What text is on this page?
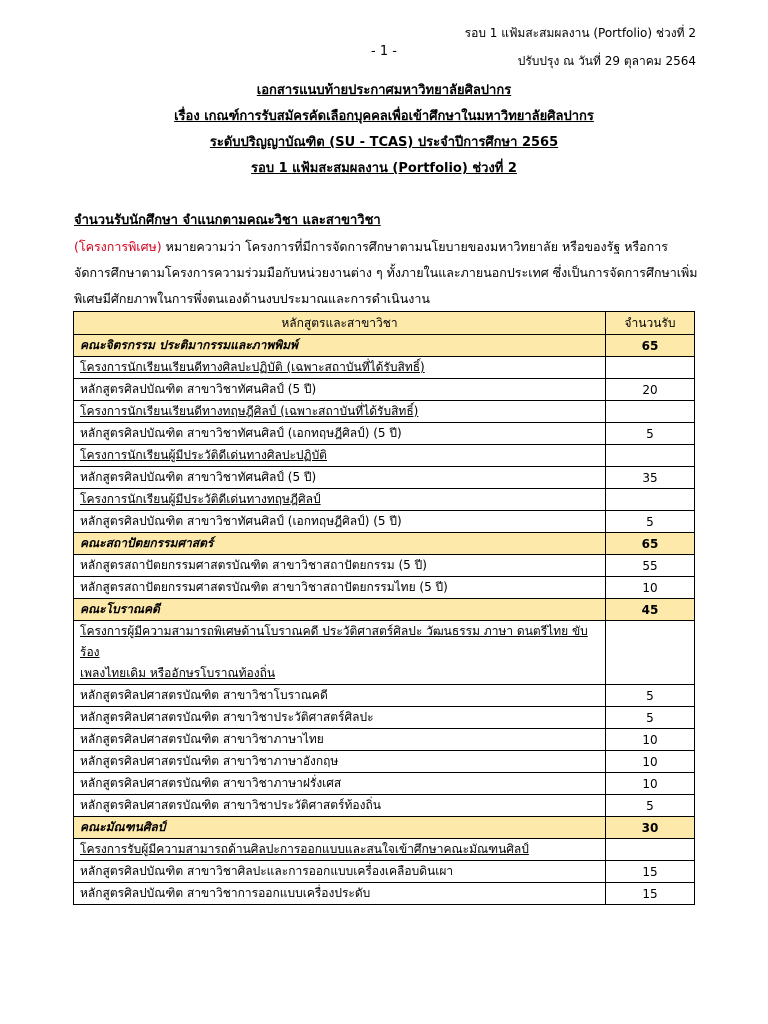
รอบ 1 แฟ้มสะสมผลงาน (Portfolio) ช่วงที่ 2
- 1 -
ปรับปรุง ณ วันที่ 29 ตุลาคม 2564
เอกสารแนบท้ายประกาศมหาวิทยาลัยศิลปากร
เรื่อง เกณฑ์การรับสมัครคัดเลือกบุคคลเพื่อเข้าศึกษาในมหาวิทยาลัยศิลปากร
ระดับปริญญาบัณฑิต (SU - TCAS) ประจำปีการศึกษา 2565
รอบ 1 แฟ้มสะสมผลงาน (Portfolio) ช่วงที่ 2
จำนวนรับนักศึกษา จำแนกตามคณะวิชา และสาขาวิชา
(โครงการพิเศษ) หมายความว่า โครงการที่มีการจัดการศึกษาตามนโยบายของมหาวิทยาลัย หรือของรัฐ หรือการจัดการศึกษาตามโครงการความร่วมมือกับหน่วยงานต่าง ๆ ทั้งภายในและภายนอกประเทศ ซึ่งเป็นการจัดการศึกษาเพิ่มพิเศษมีศักยภาพในการพึ่งตนเองด้านงบประมาณและการดำเนินงาน
หลักสูตรและสาขาวิชา	จำนวนรับ
คณะจิตรกรรม ประติมากรรมและภาพพิมพ์	65
โครงการนักเรียนเรียนดีทางศิลปะปฏิบัติ (เฉพาะสถาบันที่ได้รับสิทธิ์)	
หลักสูตรศิลปบัณฑิต สาขาวิชาทัศนศิลป์ (5 ปี)	20
โครงการนักเรียนเรียนดีทางทฤษฎีศิลป์ (เฉพาะสถาบันที่ได้รับสิทธิ์)	
หลักสูตรศิลปบัณฑิต สาขาวิชาทัศนศิลป์ (เอกทฤษฎีศิลป์) (5 ปี)	5
โครงการนักเรียนผู้มีประวัติดีเด่นทางศิลปะปฏิบัติ	
หลักสูตรศิลปบัณฑิต สาขาวิชาทัศนศิลป์ (5 ปี)	35
โครงการนักเรียนผู้มีประวัติดีเด่นทางทฤษฎีศิลป์	
หลักสูตรศิลปบัณฑิต สาขาวิชาทัศนศิลป์ (เอกทฤษฎีศิลป์) (5 ปี)	5
คณะสถาปัตยกรรมศาสตร์	65
หลักสูตรสถาปัตยกรรมศาสตรบัณฑิต สาขาวิชาสถาปัตยกรรม (5 ปี)	55
หลักสูตรสถาปัตยกรรมศาสตรบัณฑิต สาขาวิชาสถาปัตยกรรมไทย (5 ปี)	10
คณะโบราณคดี	45
โครงการผู้มีความสามารถพิเศษด้านโบราณคดี ประวัติศาสตร์ศิลปะ วัฒนธรรม ภาษา ดนตรีไทย ขับร้อง
เพลงไทยเดิม หรืออักษรโบราณท้องถิ่น	
หลักสูตรศิลปศาสตรบัณฑิต สาขาวิชาโบราณคดี	5
หลักสูตรศิลปศาสตรบัณฑิต สาขาวิชาประวัติศาสตร์ศิลปะ	5
หลักสูตรศิลปศาสตรบัณฑิต สาขาวิชาภาษาไทย	10
หลักสูตรศิลปศาสตรบัณฑิต สาขาวิชาภาษาอังกฤษ	10
หลักสูตรศิลปศาสตรบัณฑิต สาขาวิชาภาษาฝรั่งเศส	10
หลักสูตรศิลปศาสตรบัณฑิต สาขาวิชาประวัติศาสตร์ท้องถิ่น	5
คณะมัณฑนศิลป์	30
โครงการรับผู้มีความสามารถด้านศิลปะการออกแบบและสนใจเข้าศึกษาคณะมัณฑนศิลป์	
หลักสูตรศิลปบัณฑิต สาขาวิชาศิลปะและการออกแบบเครื่องเคลือบดินเผา	15
หลักสูตรศิลปบัณฑิต สาขาวิชาการออกแบบเครื่องประดับ	15
